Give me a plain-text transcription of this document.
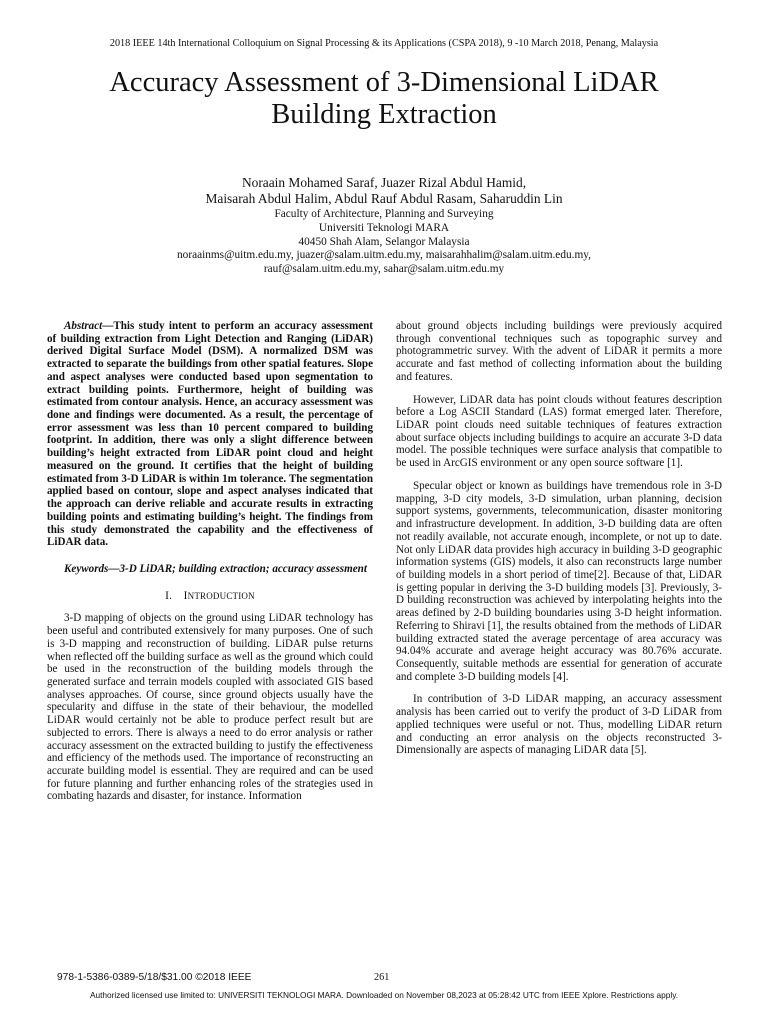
2018 IEEE 14th International Colloquium on Signal Processing & its Applications (CSPA 2018), 9 -10 March 2018, Penang, Malaysia
Accuracy Assessment of 3-Dimensional LiDAR
Building Extraction
Noraain Mohamed Saraf, Juazer Rizal Abdul Hamid,
Maisarah Abdul Halim, Abdul Rauf Abdul Rasam, Saharuddin Lin
Faculty of Architecture, Planning and Surveying
Universiti Teknologi MARA
40450 Shah Alam, Selangor Malaysia
noraainms@uitm.edu.my, juazer@salam.uitm.edu.my, maisarahhalim@salam.uitm.edu.my,
rauf@salam.uitm.edu.my, sahar@salam.uitm.edu.my

Abstract—This study intent to perform an accuracy assessment of building extraction from Light Detection and Ranging (LiDAR) derived Digital Surface Model (DSM). A normalized DSM was extracted to separate the buildings from other spatial features. Slope and aspect analyses were conducted based upon segmentation to extract building points. Furthermore, height of building was estimated from contour analysis. Hence, an accuracy assessment was done and findings were documented. As a result, the percentage of error assessment was less than 10 percent compared to building footprint. In addition, there was only a slight difference between building’s height extracted from LiDAR point cloud and height measured on the ground. It certifies that the height of building estimated from 3-D LiDAR is within 1m tolerance. The segmentation applied based on contour, slope and aspect analyses indicated that the approach can derive reliable and accurate results in extracting building points and estimating building’s height. The findings from this study demonstrated the capability and the effectiveness of LiDAR data.

Keywords—3-D LiDAR; building extraction; accuracy assessment

I.  INTRODUCTION

3-D mapping of objects on the ground using LiDAR technology has been useful and contributed extensively for many purposes. One of such is 3-D mapping and reconstruction of building. LiDAR pulse returns when reflected off the building surface as well as the ground which could be used in the reconstruction of the building models through the generated surface and terrain models coupled with associated GIS based analyses approaches. Of course, since ground objects usually have the specularity and diffuse in the state of their behaviour, the modelled LiDAR would certainly not be able to produce perfect result but are subjected to errors. There is always a need to do error analysis or rather accuracy assessment on the extracted building to justify the effectiveness and efficiency of the methods used. The importance of reconstructing an accurate building model is essential. They are required and can be used for future planning and further enhancing roles of the strategies used in combating hazards and disaster, for instance. Information

about ground objects including buildings were previously acquired through conventional techniques such as topographic survey and photogrammetric survey. With the advent of LiDAR it permits a more accurate and fast method of collecting information about the building and features.

However, LiDAR data has point clouds without features description before a Log ASCII Standard (LAS) format emerged later. Therefore, LiDAR point clouds need suitable techniques of features extraction about surface objects including buildings to acquire an accurate 3-D data model. The possible techniques were surface analysis that compatible to be used in ArcGIS environment or any open source software [1].

Specular object or known as buildings have tremendous role in 3-D mapping, 3-D city models, 3-D simulation, urban planning, decision support systems, governments, telecommunication, disaster monitoring and infrastructure development. In addition, 3-D building data are often not readily available, not accurate enough, incomplete, or not up to date. Not only LiDAR data provides high accuracy in building 3-D geographic information systems (GIS) models, it also can reconstructs large number of building models in a short period of time[2]. Because of that, LiDAR is getting popular in deriving the 3-D building models [3]. Previously, 3-D building reconstruction was achieved by interpolating heights into the areas defined by 2-D building boundaries using 3-D height information. Referring to Shiravi [1], the results obtained from the methods of LiDAR building extracted stated the average percentage of area accuracy was 94.04% accurate and average height accuracy was 80.76% accurate. Consequently, suitable methods are essential for generation of accurate and complete 3-D building models [4].

In contribution of 3-D LiDAR mapping, an accuracy assessment analysis has been carried out to verify the product of 3-D LiDAR from applied techniques were useful or not. Thus, modelling LiDAR return and conducting an error analysis on the objects reconstructed 3-Dimensionally are aspects of managing LiDAR data [5].

978-1-5386-0389-5/18/$31.00 ©2018 IEEE	261
Authorized licensed use limited to: UNIVERSITI TEKNOLOGI MARA. Downloaded on November 08,2023 at 05:28:42 UTC from IEEE Xplore. Restrictions apply.
